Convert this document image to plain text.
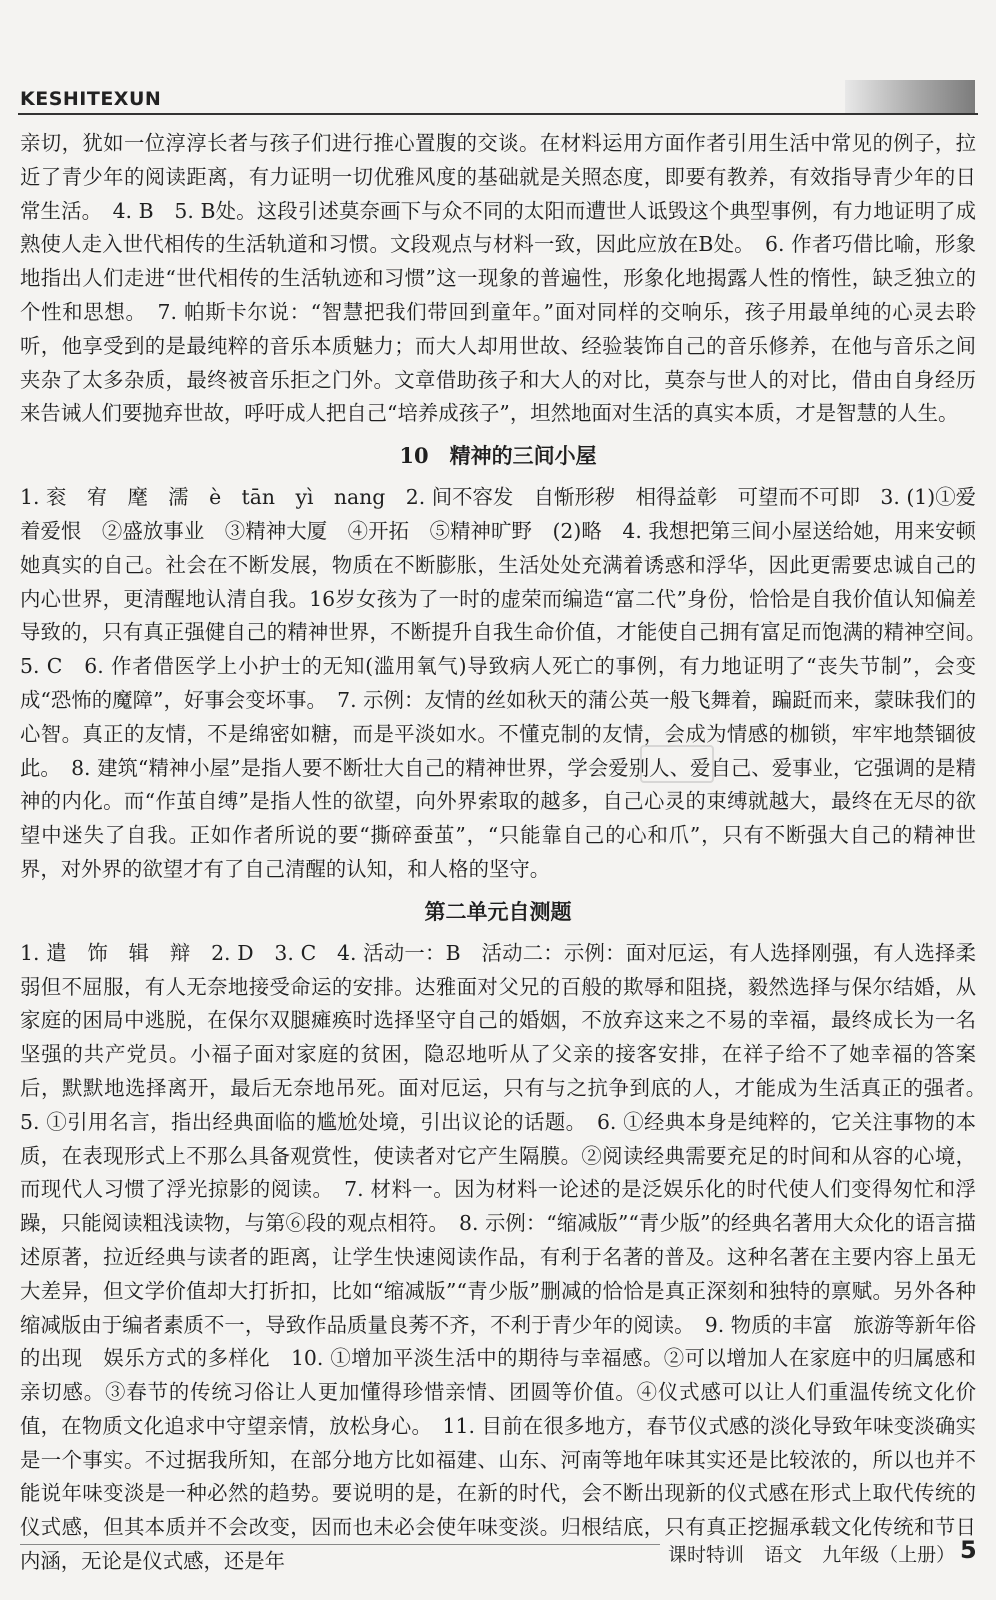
KESHITEXUN

亲切，犹如一位淳淳长者与孩子们进行推心置腹的交谈。在材料运用方面作者引用生活中常见的例子，拉近了青少年的阅读距离，有力证明一切优雅风度的基础就是关照态度，即要有教养，有效指导青少年的日常生活。　4. B　5. B处。这段引述莫奈画下与众不同的太阳而遭世人诋毁这个典型事例，有力地证明了成熟使人走入世代相传的生活轨道和习惯。文段观点与材料一致，因此应放在B处。　6. 作者巧借比喻，形象地指出人们走进“世代相传的生活轨迹和习惯”这一现象的普遍性，形象化地揭露人性的惰性，缺乏独立的个性和思想。　7. 帕斯卡尔说：“智慧把我们带回到童年。”面对同样的交响乐，孩子用最单纯的心灵去聆听，他享受到的是最纯粹的音乐本质魅力；而大人却用世故、经验装饰自己的音乐修养，在他与音乐之间夹杂了太多杂质，最终被音乐拒之门外。文章借助孩子和大人的对比，莫奈与世人的对比，借由自身经历来告诫人们要抛弃世故，呼吁成人把自己“培养成孩子”，坦然地面对生活的真实本质，才是智慧的人生。

10　精神的三间小屋

1. 衮　宥　麾　濡　è　tān　yì　nang　2. 间不容发　自惭形秽　相得益彰　可望而不可即　3. (1)①爱着爱恨　②盛放事业　③精神大厦　④开拓　⑤精神旷野　(2)略　4. 我想把第三间小屋送给她，用来安顿她真实的自己。社会在不断发展，物质在不断膨胀，生活处处充满着诱惑和浮华，因此更需要忠诚自己的内心世界，更清醒地认清自我。16岁女孩为了一时的虚荣而编造“富二代”身份，恰恰是自我价值认知偏差导致的，只有真正强健自己的精神世界，不断提升自我生命价值，才能使自己拥有富足而饱满的精神空间。　5. C　6. 作者借医学上小护士的无知(滥用氧气)导致病人死亡的事例，有力地证明了“丧失节制”，会变成“恐怖的魔障”，好事会变坏事。　7. 示例：友情的丝如秋天的蒲公英一般飞舞着，蹁跹而来，蒙昧我们的心智。真正的友情，不是绵密如糖，而是平淡如水。不懂克制的友情，会成为情感的枷锁，牢牢地禁锢彼此。　8. 建筑“精神小屋”是指人要不断壮大自己的精神世界，学会爱别人、爱自己、爱事业，它强调的是精神的内化。而“作茧自缚”是指人性的欲望，向外界索取的越多，自己心灵的束缚就越大，最终在无尽的欲望中迷失了自我。正如作者所说的要“撕碎蚕茧”，“只能靠自己的心和爪”，只有不断强大自己的精神世界，对外界的欲望才有了自己清醒的认知，和人格的坚守。

第二单元自测题

1. 遣　饰　辑　辩　2. D　3. C　4. 活动一：B　活动二：示例：面对厄运，有人选择刚强，有人选择柔弱但不屈服，有人无奈地接受命运的安排。达雅面对父兄的百般的欺辱和阻挠，毅然选择与保尔结婚，从家庭的困局中逃脱，在保尔双腿瘫痪时选择坚守自己的婚姻，不放弃这来之不易的幸福，最终成长为一名坚强的共产党员。小福子面对家庭的贫困，隐忍地听从了父亲的接客安排，在祥子给不了她幸福的答案后，默默地选择离开，最后无奈地吊死。面对厄运，只有与之抗争到底的人，才能成为生活真正的强者。　5. ①引用名言，指出经典面临的尴尬处境，引出议论的话题。　6. ①经典本身是纯粹的，它关注事物的本质，在表现形式上不那么具备观赏性，使读者对它产生隔膜。②阅读经典需要充足的时间和从容的心境，而现代人习惯了浮光掠影的阅读。　7. 材料一。因为材料一论述的是泛娱乐化的时代使人们变得匆忙和浮躁，只能阅读粗浅读物，与第⑥段的观点相符。　8. 示例：“缩减版”“青少版”的经典名著用大众化的语言描述原著，拉近经典与读者的距离，让学生快速阅读作品，有利于名著的普及。这种名著在主要内容上虽无大差异，但文学价值却大打折扣，比如“缩减版”“青少版”删减的恰恰是真正深刻和独特的禀赋。另外各种缩减版由于编者素质不一，导致作品质量良莠不齐，不利于青少年的阅读。　9. 物质的丰富　旅游等新年俗的出现　娱乐方式的多样化　10. ①增加平淡生活中的期待与幸福感。②可以增加人在家庭中的归属感和亲切感。③春节的传统习俗让人更加懂得珍惜亲情、团圆等价值。④仪式感可以让人们重温传统文化价值，在物质文化追求中守望亲情，放松身心。　11. 目前在很多地方，春节仪式感的淡化导致年味变淡确实是一个事实。不过据我所知，在部分地方比如福建、山东、河南等地年味其实还是比较浓的，所以也并不能说年味变淡是一种必然的趋势。要说明的是，在新的时代，会不断出现新的仪式感在形式上取代传统的仪式感，但其本质并不会改变，因而也未必会使年味变淡。归根结底，只有真正挖掘承载文化传统和节日内涵，无论是仪式感，还是年	课时特训 语文 九年级（上册） 5
